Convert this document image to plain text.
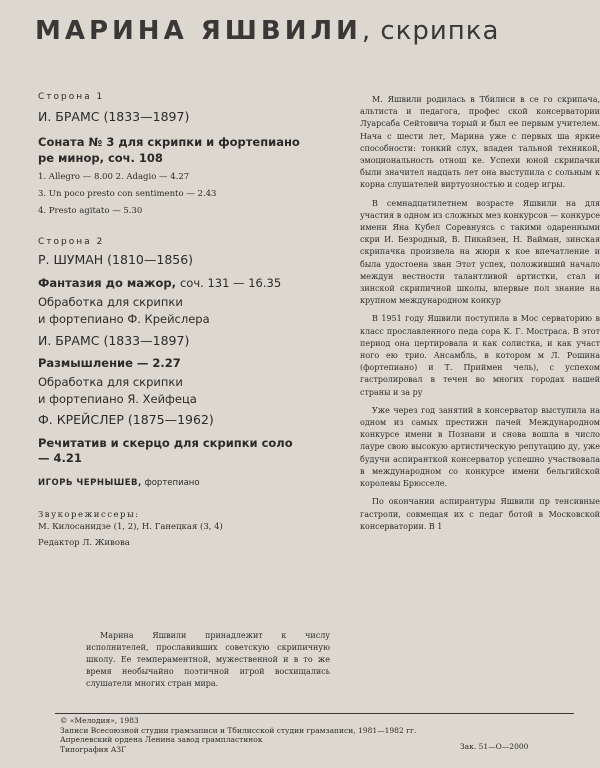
МАРИНА ЯШВИЛИ, скрипка
Сторона 1
И. БРАМС (1833—1897)
Соната № 3 для скрипки и фортепиано
ре минор, соч. 108
1. Allegro — 8.00 2. Adagio — 4.27
3. Un poco presto con sentimento — 2.43
4. Presto agitato — 5.30
Сторона 2
Р. ШУМАН (1810—1856)
Фантазия до мажор, соч. 131 — 16.35
Обработка для скрипки
и фортепиано Ф. Крейслера
И. БРАМС (1833—1897)
Размышление — 2.27
Обработка для скрипки
и фортепиано Я. Хейфеца
Ф. КРЕЙСЛЕР (1875—1962)
Речитатив и скерцо для скрипки соло
— 4.21
ИГОРЬ ЧЕРНЫШЕВ, фортепиано
Звукорежиссеры:
М. Килосанидзе (1, 2), Н. Ганецкая (3, 4)
Редактор Л. Живова
Марина Яшвили принадлежит к числу исполнителей, прославивших советскую скрипичную школу. Ее темпераментной, мужественной и в то же время необычайно поэтичной игрой восхищались слушатели многих стран мира.

М. Яшвили родилась в Тбилиси в се го скрипача, альтиста и педагога, профес ской консерватории Луарсаба Сейтовича торый и был ее первым учителем. Нача с шести лет, Марина уже с первых ша яркие способности: тонкий слух, владен тальной техникой, эмоциональность отнош ке. Успехи юной скрипачки были значител надцать лет она выступила с сольным к корна слушателей виртуозностью и содер игры.

В семнадцатилетнем возрасте Яшвили на для участия в одном из сложных мез конкурсов — конкурсе имени Яна Кубел Соревнуясь с такими одаренными скри И. Безродный, В. Пикайзен, Н. Вайман, зинская скрипачка произвела на жюри к кое впечатление и была удостоена зван Этот успех, положивший начало междун вестности талантливой артистки, стал и зинской скрипичной школы, впервые пол знание на крупном международном конкур

В 1951 году Яшвили поступила в Мос серваторию в класс прославленного педа сора К. Г. Мостраса. В этот период она цертировала и как солистка, и как участ ного ею трио. Ансамбль, в котором м Л. Рошина (фортепиано) и Т. Приймен чель), с успехом гастролировал в течен во многих городах нашей страны и за ру

Уже через год занятий в консерватор выступила на одном из самых престижн пачей Международном конкурсе имени в Познани и снова вошла в число лауре свою высокую артистическую репутацию ду, уже будучи аспиранткой консерватор успешно участвовала в международном со конкурсе имени бельгийской королевы Брюсселе.

По окончании аспирантуры Яшвили пр тенсивные гастроли, совмещая их с педаг ботой в Московской консерватории. В 1

© «Мелодия», 1983
Записи Всесоюзной студии грамзаписи и Тбилисской студии грамзаписи, 1981—1982 гг.
Апрелевский ордена Ленина завод грампластинок
Типография АЗГ	Зак. 51—О—2000
